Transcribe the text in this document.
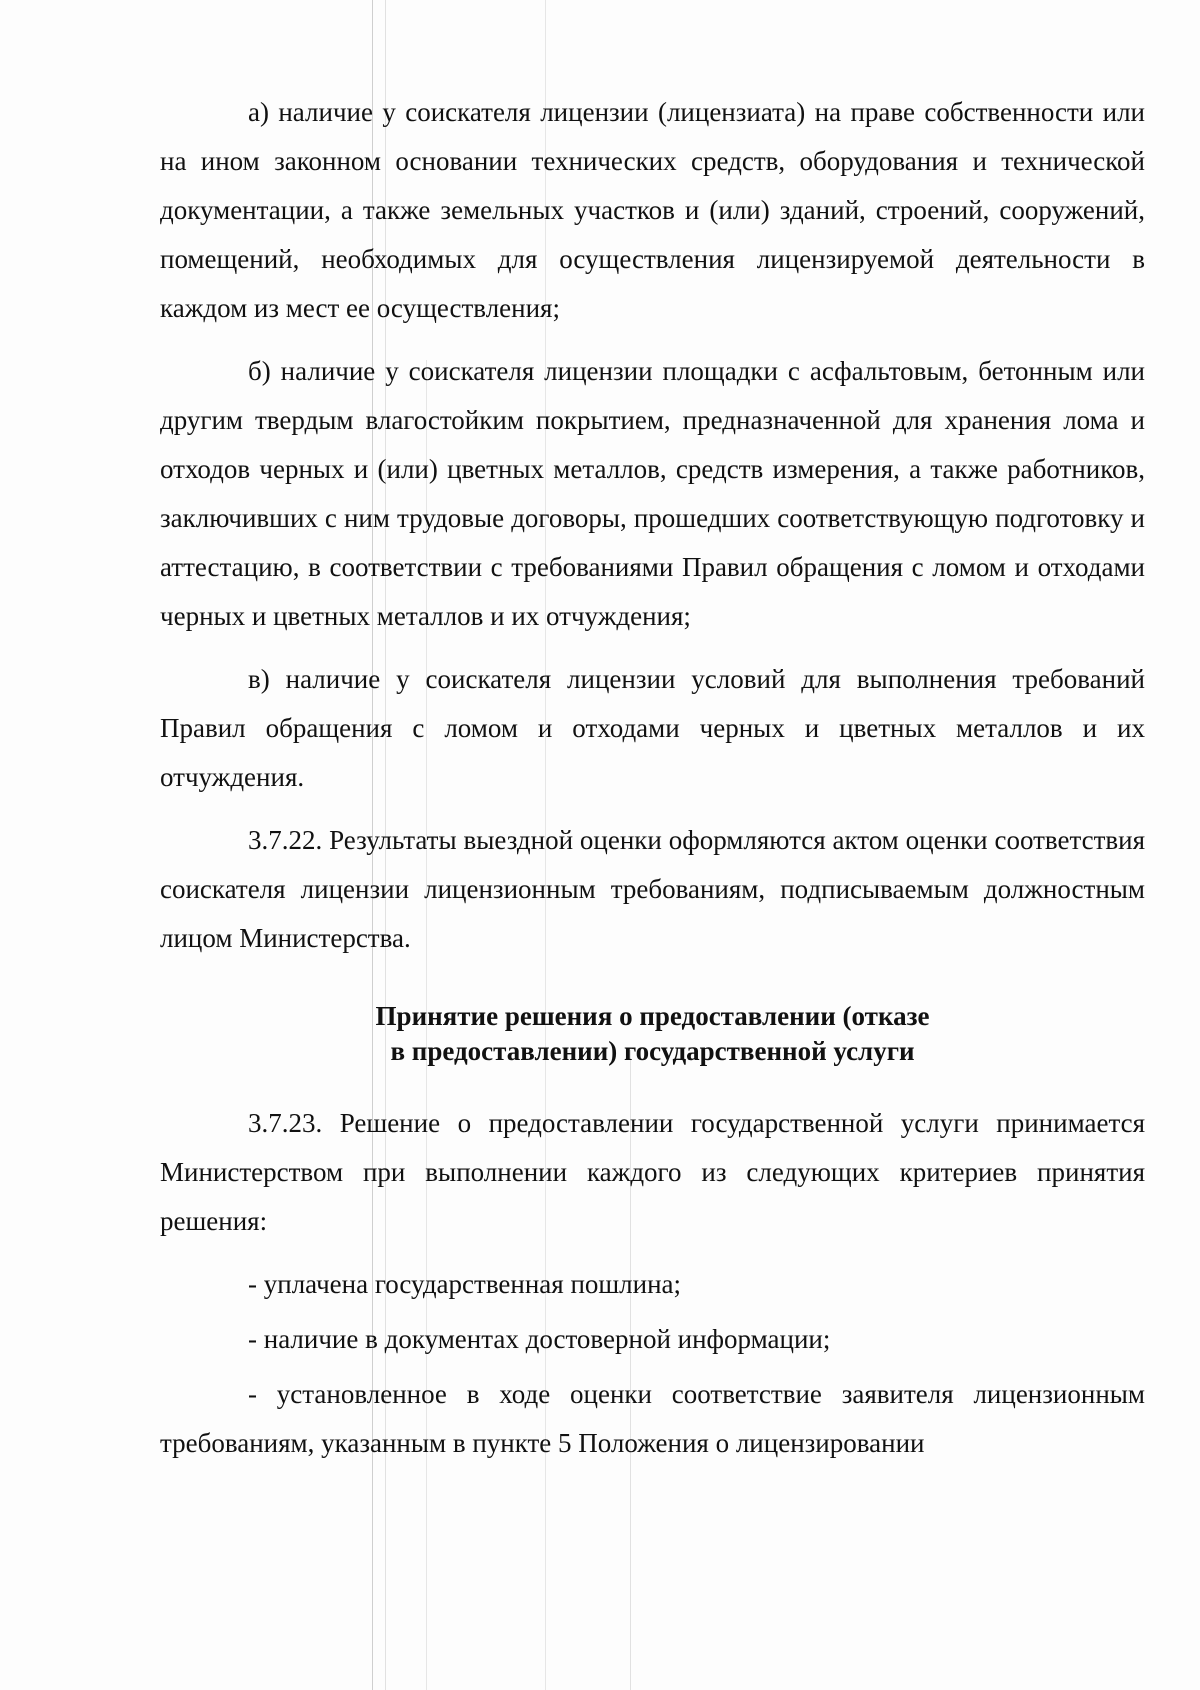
а) наличие у соискателя лицензии (лицензиата) на праве собственности или на ином законном основании технических средств, оборудования и технической документации, а также земельных участков и (или) зданий, строений, сооружений, помещений, необходимых для осуществления лицензируемой деятельности в каждом из мест ее осуществления;

б) наличие у соискателя лицензии площадки с асфальтовым, бетонным или другим твердым влагостойким покрытием, предназначенной для хранения лома и отходов черных и (или) цветных металлов, средств измерения, а также работников, заключивших с ним трудовые договоры, прошедших соответствующую подготовку и аттестацию, в соответствии с требованиями Правил обращения с ломом и отходами черных и цветных металлов и их отчуждения;

в) наличие у соискателя лицензии условий для выполнения требований Правил обращения с ломом и отходами черных и цветных металлов и их отчуждения.

3.7.22. Результаты выездной оценки оформляются актом оценки соответствия соискателя лицензии лицензионным требованиям, подписываемым должностным лицом Министерства.

Принятие решения о предоставлении (отказе
в предоставлении) государственной услуги

3.7.23. Решение о предоставлении государственной услуги принимается Министерством при выполнении каждого из следующих критериев принятия решения:

- уплачена государственная пошлина;

- наличие в документах достоверной информации;

- установленное в ходе оценки соответствие заявителя лицензионным требованиям, указанным в пункте 5 Положения о лицензировании
